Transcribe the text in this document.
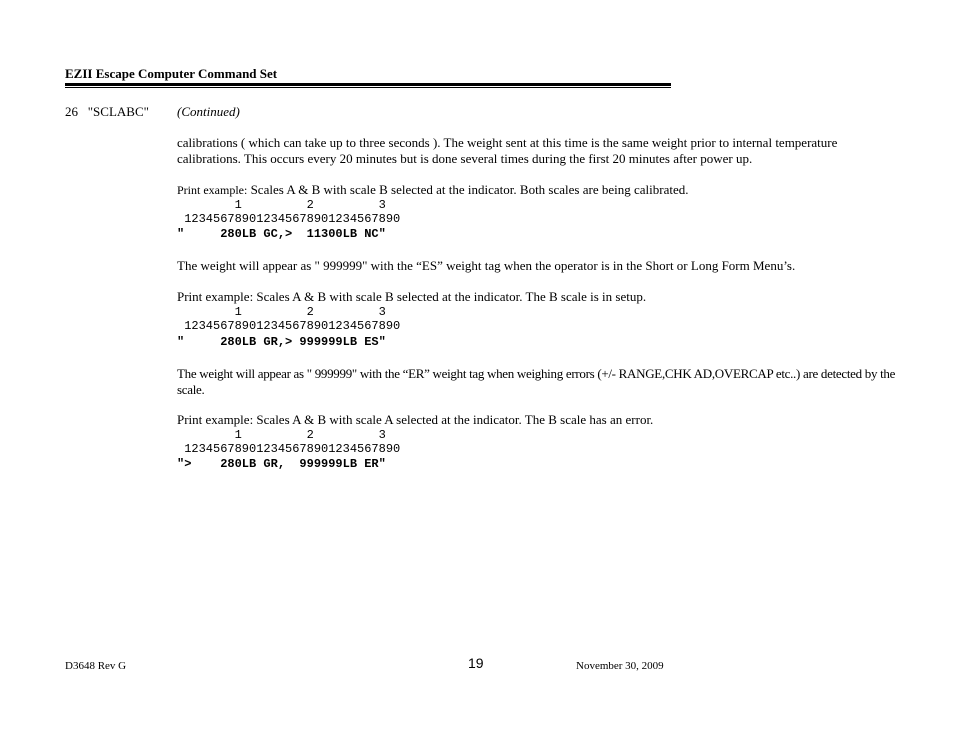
EZII Escape Computer Command Set
26   "SCLABC" (Continued)
calibrations ( which can take up to three seconds ). The weight sent at this time is the same weight prior to internal temperature calibrations. This occurs every 20 minutes but is done several times during the first 20 minutes after power up.
Print example: Scales A & B with scale B selected at the indicator. Both scales are being calibrated.
1         2         3
123456789012345678901234567890
"     280LB GC,>  11300LB NC"
The weight will appear as " 999999" with the “ES” weight tag when the operator is in the Short or Long Form Menu’s.
Print example: Scales A & B with scale B selected at the indicator. The B scale is in setup.
1         2         3
123456789012345678901234567890
"     280LB GR,> 999999LB ES"
The weight will appear as " 999999" with the “ER” weight tag when weighing errors (+/- RANGE,CHK AD,OVERCAP etc..) are detected by the scale.
Print example: Scales A & B with scale A selected at the indicator. The B scale has an error.
1         2         3
123456789012345678901234567890
">    280LB GR,  999999LB ER"
D3648 Rev G	19	November 30, 2009
